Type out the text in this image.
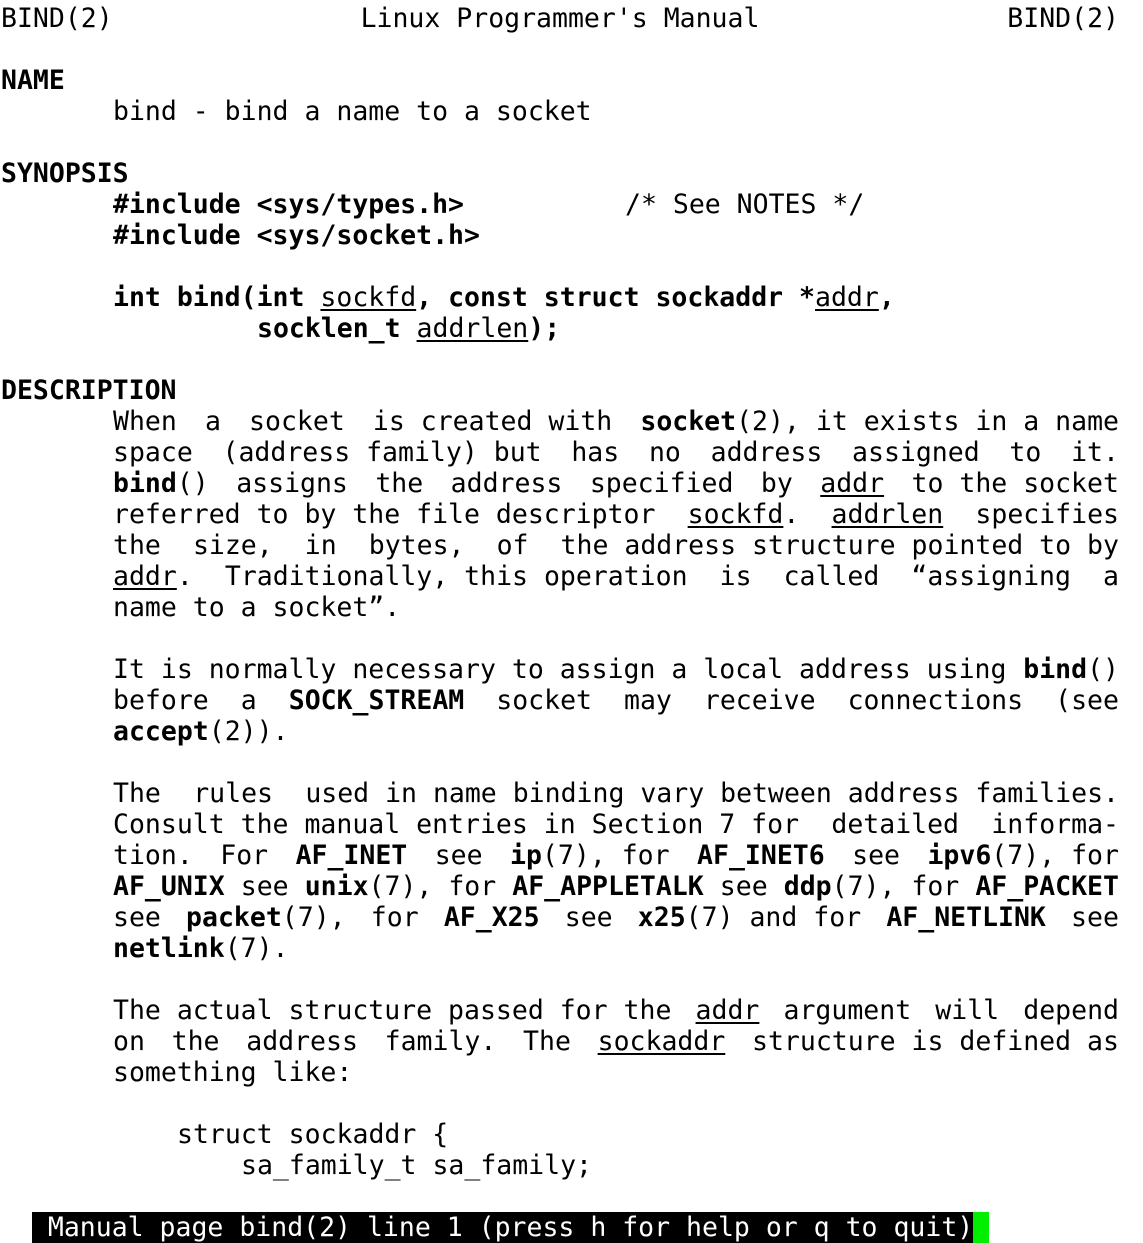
BIND(2)	Linux Programmer's Manual	BIND(2)
NAME
bind - bind a name to a socket
SYNOPSIS
#include <sys/types.h>	/* See NOTES */
#include <sys/socket.h>
int bind(int sockfd, const struct sockaddr *addr,
socklen_t addrlen);
DESCRIPTION
When a socket is created with socket(2), it exists in a name
space (address family) but has no address assigned to it.
bind() assigns the address specified by addr to the socket
referred to by the file descriptor sockfd. addrlen specifies
the size, in bytes, of the address structure pointed to by
addr. Traditionally, this operation is called “assigning a
name to a socket”.
It is normally necessary to assign a local address using bind()
before a SOCK_STREAM socket may receive connections (see
accept(2)).
The rules used in name binding vary between address families.
Consult the manual entries in Section 7 for detailed informa-
tion. For AF_INET see ip(7), for AF_INET6 see ipv6(7), for
AF_UNIX see unix(7), for AF_APPLETALK see ddp(7), for AF_PACKET
see packet(7), for AF_X25 see x25(7) and for AF_NETLINK see
netlink(7).
The actual structure passed for the addr argument will depend
on the address family. The sockaddr structure is defined as
something like:
struct sockaddr {
sa_family_t sa_family;

Manual page bind(2) line 1 (press h for help or q to quit)
